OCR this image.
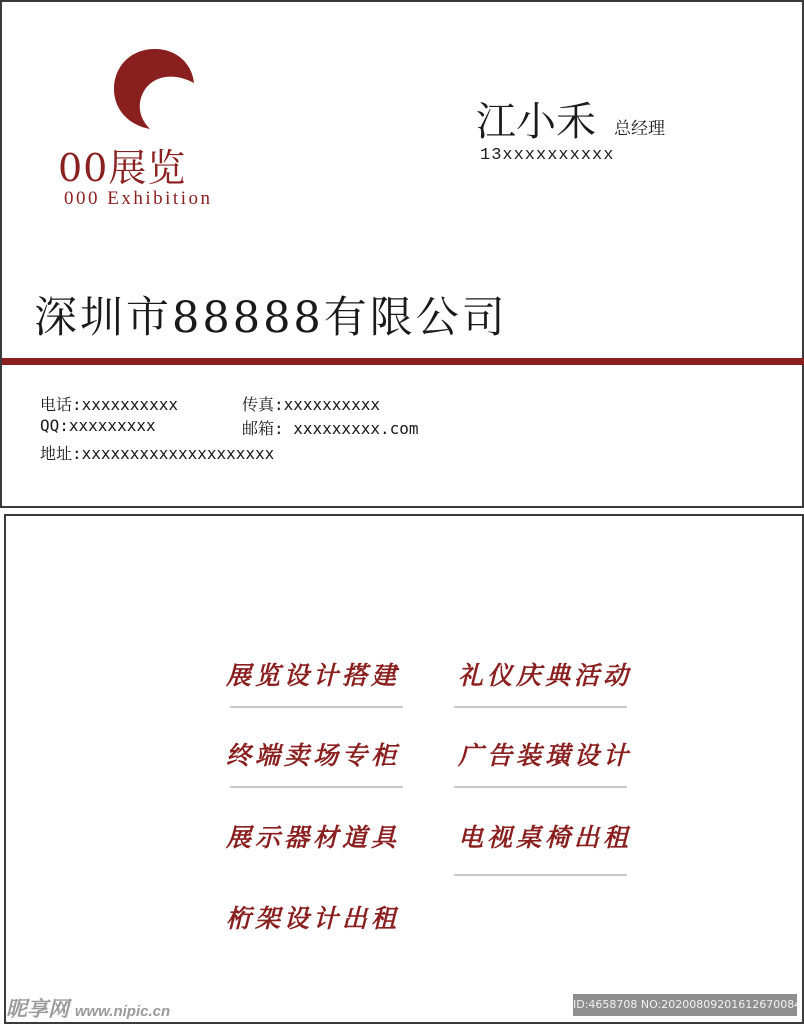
00展览
000 Exhibition
江小禾 总经理
13xxxxxxxxxx
深圳市88888有限公司
电话:xxxxxxxxxx	传真:xxxxxxxxxx
QQ:xxxxxxxxx	邮箱: xxxxxxxxx.com
地址:xxxxxxxxxxxxxxxxxxxx
展览设计搭建
终端卖场专柜
展示器材道具
桁架设计出租
礼仪庆典活动
广告装璜设计
电视桌椅出租
昵享网 www.nipic.cn	ID:4658708 NO:20200809201612670084
